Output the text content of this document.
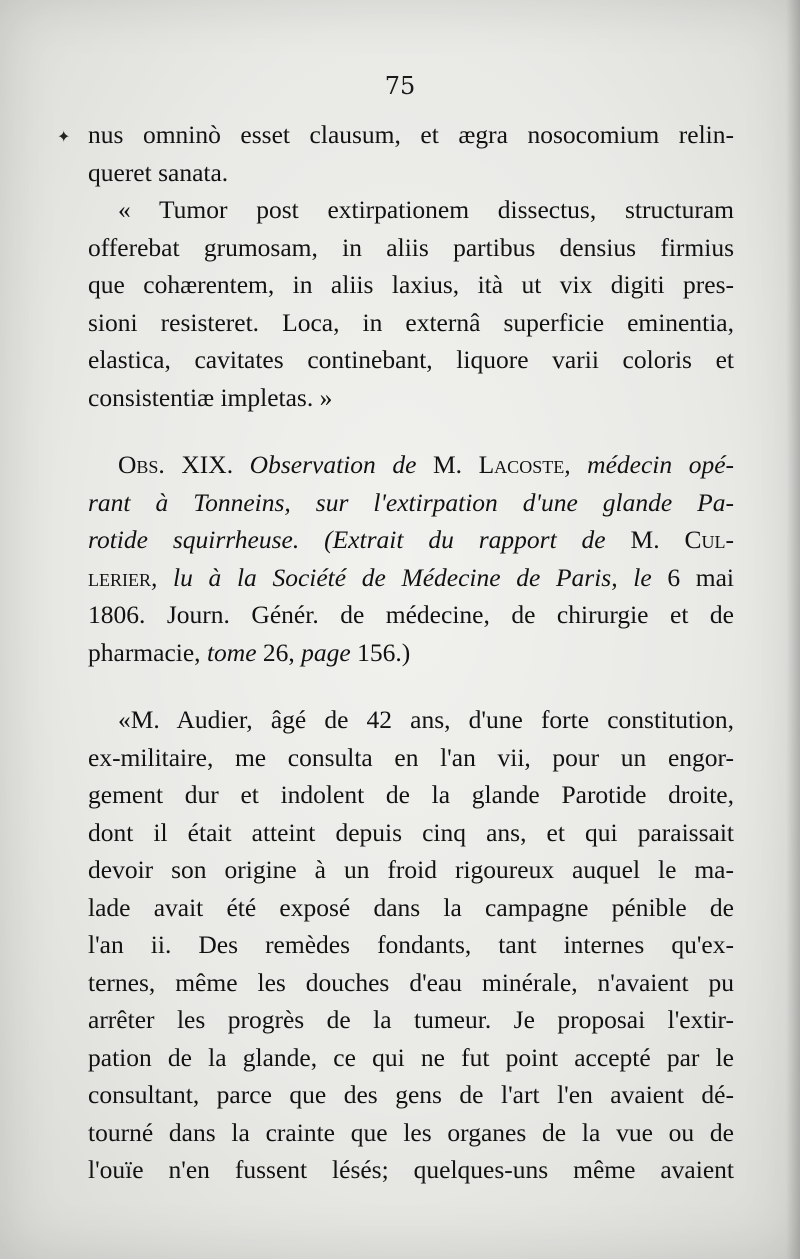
75
✦ nus omninò esset clausum, et ægra nosocomium relin-
queret sanata.
« Tumor post extirpationem dissectus, structuram
offerebat grumosam, in aliis partibus densius firmius
que cohærentem, in aliis laxius, ità ut vix digiti pres-
sioni resisteret. Loca, in externâ superficie eminentia,
elastica, cavitates continebant, liquore varii coloris et
consistentiæ impletas. »
Obs. XIX. Observation de M. Lacoste, médecin opé-
rant à Tonneins, sur l'extirpation d'une glande Pa-
rotide squirrheuse. (Extrait du rapport de M. Cul-
lerier, lu à la Société de Médecine de Paris, le 6 mai
1806. Journ. Génér. de médecine, de chirurgie et de
pharmacie, tome 26, page 156.)
«M. Audier, âgé de 42 ans, d'une forte constitution,
ex-militaire, me consulta en l'an vii, pour un engor-
gement dur et indolent de la glande Parotide droite,
dont il était atteint depuis cinq ans, et qui paraissait
devoir son origine à un froid rigoureux auquel le ma-
lade avait été exposé dans la campagne pénible de
l'an ii. Des remèdes fondants, tant internes qu'ex-
ternes, même les douches d'eau minérale, n'avaient pu
arrêter les progrès de la tumeur. Je proposai l'extir-
pation de la glande, ce qui ne fut point accepté par le
consultant, parce que des gens de l'art l'en avaient dé-
tourné dans la crainte que les organes de la vue ou de
l'ouïe n'en fussent lésés; quelques-uns même avaient
